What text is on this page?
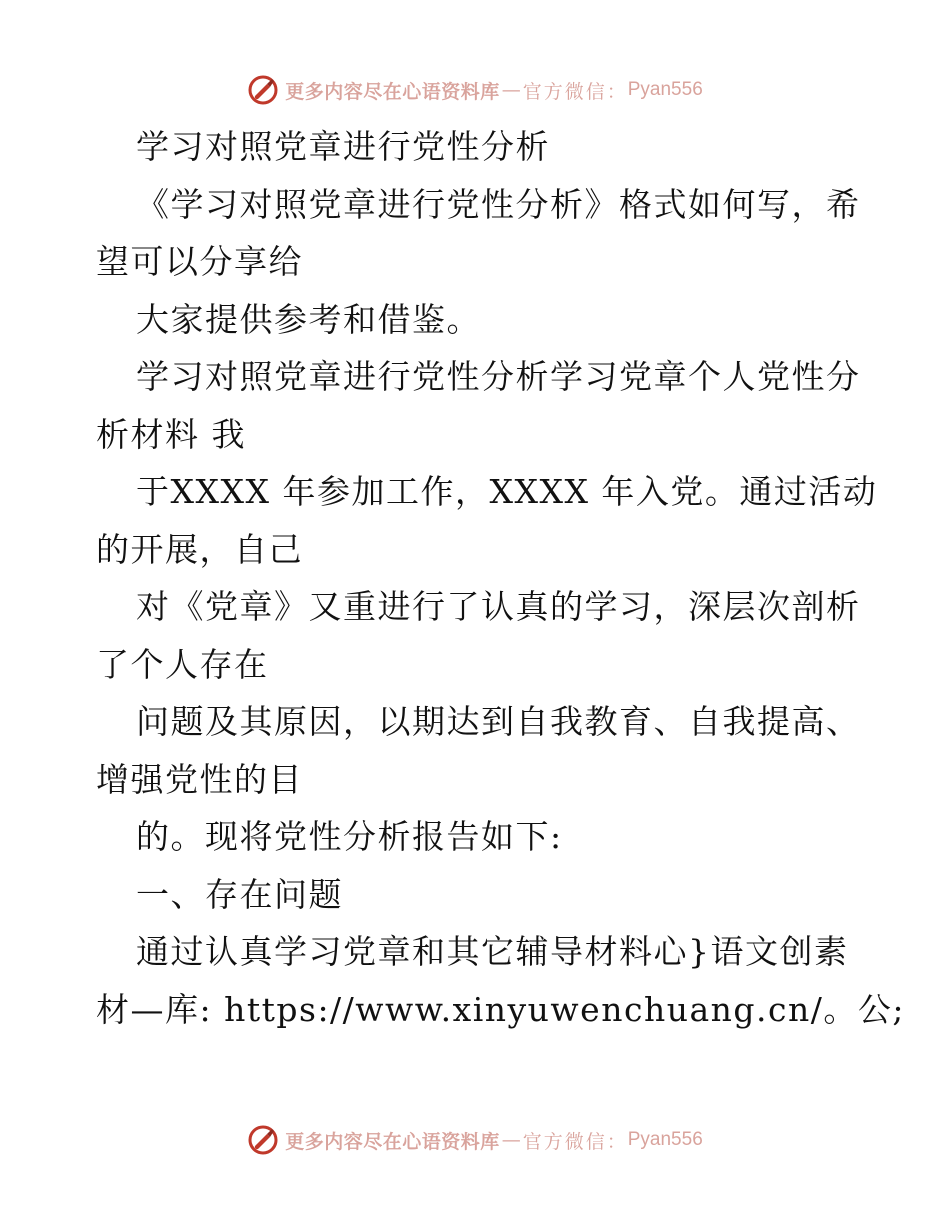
更多内容尽在心语资料库 — 官方微信： Pyan556
学习对照党章进行党性分析
《学习对照党章进行党性分析》格式如何写，希
望可以分享给
大家提供参考和借鉴。
学习对照党章进行党性分析学习党章个人党性分
析材料 我
于XXXX 年参加工作，XXXX 年入党。通过活动
的开展，自己
对《党章》又重进行了认真的学习，深层次剖析
了个人存在
问题及其原因，以期达到自我教育、自我提高、
增强党性的目
的。现将党性分析报告如下:
一、存在问题
通过认真学习党章和其它辅导材料心}语文创素
材—库: https://www.xinyuwenchuang.cn/。公;
更多内容尽在心语资料库 — 官方微信： Pyan556
